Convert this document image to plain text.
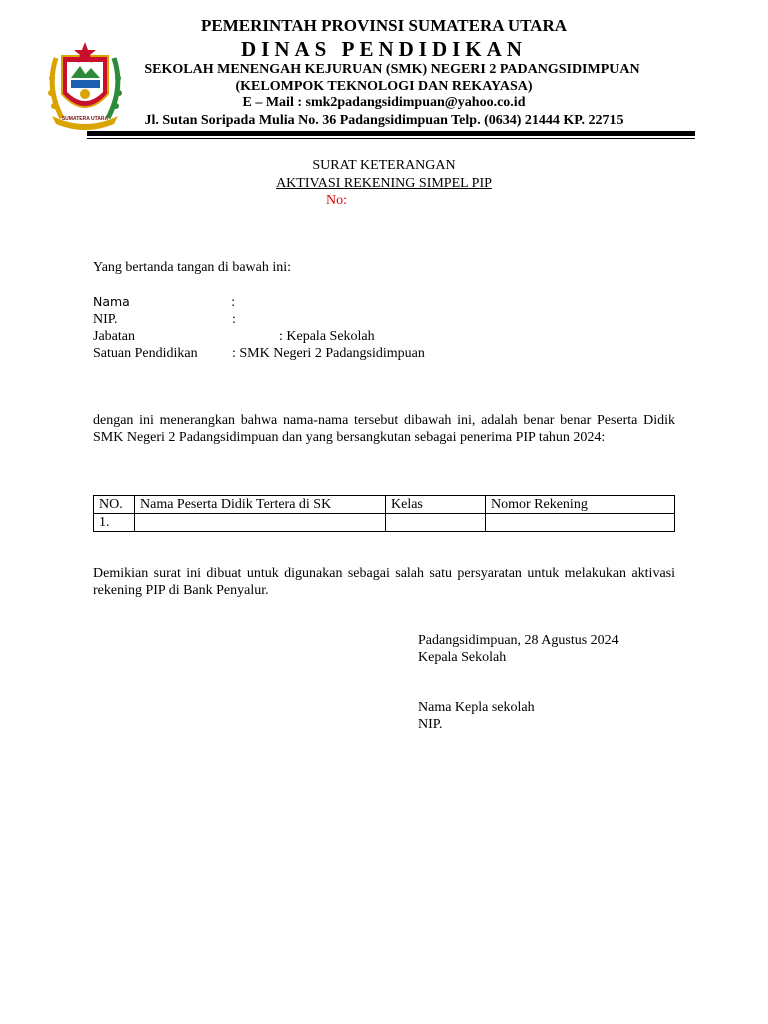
SUMATERA UTARA
PEMERINTAH PROVINSI SUMATERA UTARA
DINAS PENDIDIKAN
SEKOLAH MENENGAH KEJURUAN (SMK) NEGERI 2 PADANGSIDIMPUAN
(KELOMPOK TEKNOLOGI DAN REKAYASA)
E – Mail : smk2padangsidimpuan@yahoo.co.id
Jl. Sutan Soripada Mulia No. 36 Padangsidimpuan Telp. (0634) 21444 KP. 22715
SURAT KETERANGAN
AKTIVASI REKENING SIMPEL PIP
No:
Yang bertanda tangan di bawah ini:
Nama	:
NIP.	:
Jabatan	: Kepala Sekolah
Satuan Pendidikan : SMK Negeri 2 Padangsidimpuan
dengan ini menerangkan bahwa nama-nama tersebut dibawah ini, adalah benar benar Peserta Didik SMK Negeri 2 Padangsidimpuan dan yang bersangkutan sebagai penerima PIP tahun 2024:
NO.	Nama Peserta Didik Tertera di SK	Kelas	Nomor Rekening
1.			
Demikian surat ini dibuat untuk digunakan sebagai salah satu persyaratan untuk melakukan aktivasi rekening PIP di Bank Penyalur.
Padangsidimpuan, 28 Agustus 2024
Kepala Sekolah
Nama Kepla sekolah
NIP.
